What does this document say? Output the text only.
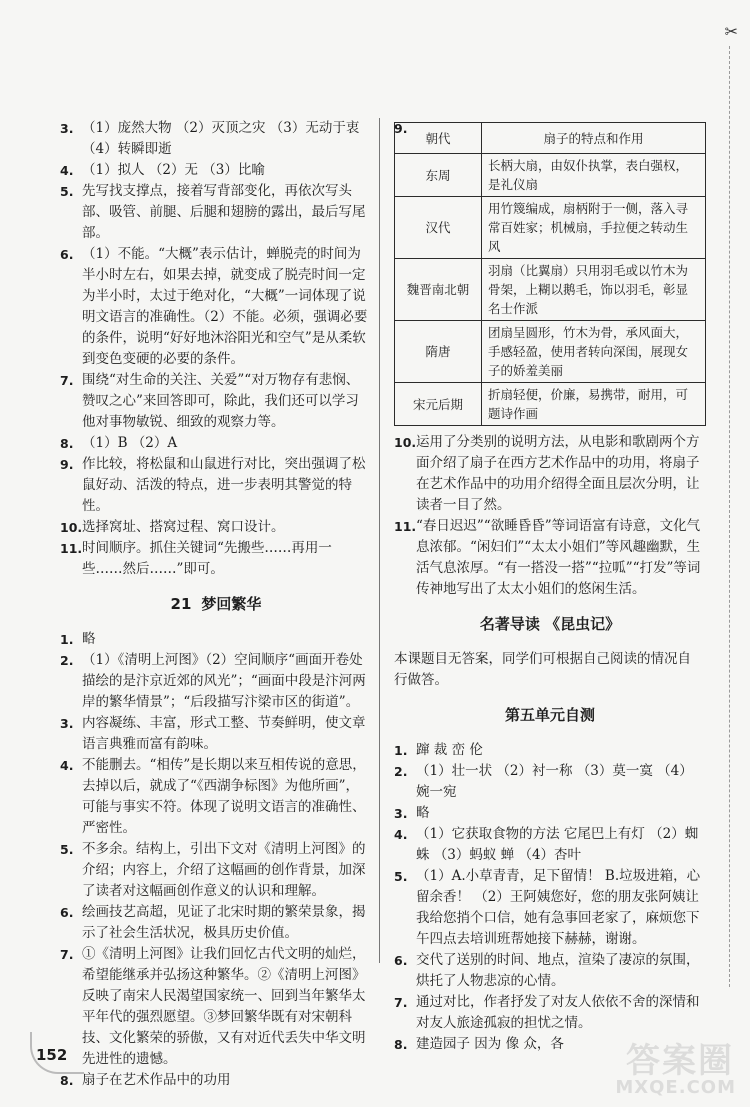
✂
3. （1）庞然大物 （2）灭顶之灾 （3）无动于衷
（4）转瞬即逝
4. （1）拟人 （2）无 （3）比喻
5. 先写找支撑点，接着写背部变化，再依次写头部、吸管、前腿、后腿和翅膀的露出，最后写尾部。
6. （1）不能。“大概”表示估计，蝉脱壳的时间为半小时左右，如果去掉，就变成了脱壳时间一定为半小时，太过于绝对化，“大概”一词体现了说明文语言的准确性。（2）不能。必须，强调必要的条件，说明“好好地沐浴阳光和空气”是从柔软到变色变硬的必要的条件。
7. 围绕“对生命的关注、关爱”“对万物存有悲悯、赞叹之心”来回答即可，除此，我们还可以学习他对事物敏锐、细致的观察力等。
8. （1）B （2）A
9. 作比较，将松鼠和山鼠进行对比，突出强调了松鼠好动、活泼的特点，进一步表明其警觉的特性。
10. 选择窝址、搭窝过程、窝口设计。
11. 时间顺序。抓住关键词“先搬些……再用一些……然后……”即可。
21 梦回繁华
1. 略
2. （1）《清明上河图》（2）空间顺序“画面开卷处描绘的是汴京近郊的风光”；“画面中段是汴河两岸的繁华情景”；“后段描写汴梁市区的街道”。
3. 内容凝练、丰富，形式工整、节奏鲜明，使文章语言典雅而富有韵味。
4. 不能删去。“相传”是长期以来互相传说的意思，去掉以后，就成了“《西湖争标图》为他所画”，可能与事实不符。体现了说明文语言的准确性、严密性。
5. 不多余。结构上，引出下文对《清明上河图》的介绍；内容上，介绍了这幅画的创作背景，加深了读者对这幅画创作意义的认识和理解。
6. 绘画技艺高超，见证了北宋时期的繁荣景象，揭示了社会生活状况，极具历史价值。
7. ①《清明上河图》让我们回忆古代文明的灿烂，希望能继承并弘扬这种繁华。②《清明上河图》反映了南宋人民渴望国家统一、回到当年繁华太平年代的强烈愿望。③梦回繁华既有对宋朝科技、文化繁荣的骄傲，又有对近代丢失中华文明先进性的遗憾。
8. 扇子在艺术作品中的功用
9.
朝代	扇子的特点和作用
东周	长柄大扇，由奴仆执掌，表白强权，是礼仪扇
汉代	用竹篾编成，扇柄附于一侧，落入寻常百姓家；机械扇，手拉便之转动生风
魏晋南北朝	羽扇（比翼扇）只用羽毛或以竹木为骨架，上糊以鹅毛，饰以羽毛，彰显名士作派
隋唐	团扇呈圆形，竹木为骨，承风面大，手感轻盈，使用者转向深闺，展现女子的娇羞美丽
宋元后期	折扇轻便，价廉，易携带，耐用，可题诗作画
10. 运用了分类别的说明方法，从电影和歌剧两个方面介绍了扇子在西方艺术作品中的功用，将扇子在艺术作品中的功用介绍得全面且层次分明，让读者一目了然。
11. “春日迟迟”“欲睡昏昏”等词语富有诗意，文化气息浓郁。“闲妇们”“太太小姐们”等风趣幽默，生活气息浓厚。“有一搭没一搭”“拉呱”“打发”等词传神地写出了太太小姐们的悠闲生活。
名著导读 《昆虫记》

本课题目无答案，同学们可根据自己阅读的情况自行做答。

第五单元自测
1. 蹿 裁 峦 伦
2. （1）壮一状 （2）衬一称 （3）莫一寞 （4）婉一宛
3. 略
4. （1）它获取食物的方法 它尾巴上有灯 （2）蜘蛛 （3）蚂蚁 蝉 （4）杏叶
5. （1）A.小草青青，足下留情！ B.垃圾进箱，心留余香！ （2）王阿姨您好，您的朋友张阿姨让我给您捎个口信，她有急事回老家了，麻烦您下午四点去培训班帮她接下赫赫，谢谢。
6. 交代了送别的时间、地点，渲染了凄凉的氛围，烘托了人物悲凉的心情。
7. 通过对比，作者抒发了对友人依依不舍的深情和对友人旅途孤寂的担忧之情。
8. 建造园子 因为 像 众，各
152	答案圈
MXQE.COM
